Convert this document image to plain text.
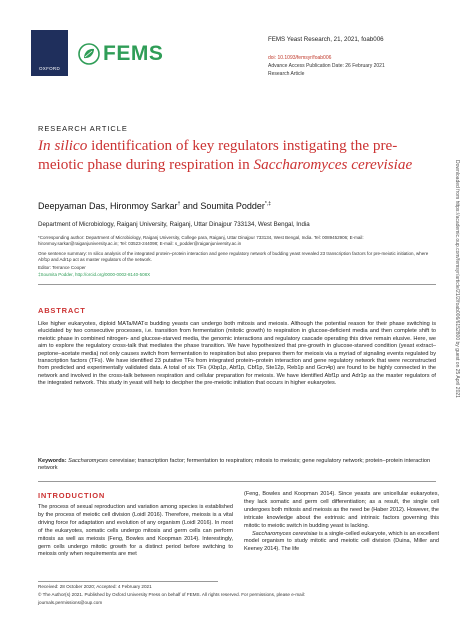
OXFORD
FEMS
FEMS Yeast Research, 21, 2021, foab006
doi: 10.1093/femsyr/foab006
Advance Access Publication Date: 26 February 2021
Research Article
RESEARCH ARTICLE
In silico identification of key regulators instigating the pre-meiotic phase during respiration in Saccharomyces cerevisiae
Deepyaman Das, Hironmoy Sarkar† and Soumita Podder*,‡
Department of Microbiology, Raiganj University, Raiganj, Uttar Dinajpur 733134, West Bengal, India
*Corresponding author: Department of Microbiology, Raiganj University, College para, Raiganj, Uttar Dinajpur 733134, West Bengal, India. Tel: 0089452906; E-mail: hironmoy.sarkar@raiganjuniversity.ac.in; Tel: 03523-244098; E-mail: s_podder@raiganjuniversity.ac.in
One sentence summary: In silico analysis of the integrated protein–protein interaction and gene regulatory network of budding yeast revealed 23 transcription factors for pre-meiotic initiation, where Abf1p and Adr1p act as master regulators of the network.
Editor: Terrance Cooper
‡Soumita Podder, http://orcid.org/0000-0002-8140-508X
ABSTRACT
Like higher eukaryotes, diploid MATa/MATα budding yeasts can undergo both mitosis and meiosis. Although the potential reason for their phase switching is elucidated by two consecutive processes, i.e. transition from fermentation (mitotic growth) to respiration in glucose-deficient media and then complete shift to meiotic phase in combined nitrogen- and glucose-starved media, the genomic interactions and regulatory cascade operating this drive remain elusive. Here, we aim to explore the regulatory cross-talk that mediates the phase transition. We have hypothesized that pre-growth in glucose-starved condition (yeast extract–peptone–acetate media) not only causes switch from fermentation to respiration but also prepares them for meiosis via a myriad of signaling events regulated by transcription factors (TFs). We have identified 23 putative TFs from integrated protein–protein interaction and gene regulatory network that were reconstructed from predicted and experimentally validated data. A total of six TFs (Xbp1p, Abf1p, Cbf1p, Ste12p, Reb1p and Gcn4p) are found to be highly connected in the network and involved in the cross-talk between respiration and cellular preparation for meiosis. We have identified Abf1p and Adr1p as the master regulators of the integrated network. This study in yeast will help to decipher the pre-meiotic initiation that occurs in higher eukaryotes.
Keywords: Saccharomyces cerevisiae; transcription factor; fermentation to respiration; mitosis to meiosis; gene regulatory network; protein–protein interaction network
INTRODUCTION
The process of sexual reproduction and variation among species is established by the process of meiotic cell division (Loidl 2016). Therefore, meiosis is a vital driving force for adaptation and evolution of any organism (Loidl 2016). In most of the eukaryotes, somatic cells undergo mitosis and germ cells can perform mitosis as well as meiosis (Feng, Bowles and Koopman 2014). Interestingly, germ cells undergo mitotic growth for a distinct period before switching to meiosis only when requirements are met
(Feng, Bowles and Koopman 2014). Since yeasts are unicellular eukaryotes, they lack somatic and germ cell differentiation; as a result, the single cell undergoes both mitosis and meiosis as the need be (Haber 2012). However, the intricate knowledge about the extrinsic and intrinsic factors governing this mitotic to meiotic switch in budding yeast is lacking.
Saccharomyces cerevisiae is a single-celled eukaryote, which is an excellent model organism to study mitotic and meiotic cell division (Duina, Miller and Keeney 2014). The life
Received: 28 October 2020; Accepted: 4 February 2021
© The Author(s) 2021. Published by Oxford University Press on behalf of FEMS. All rights reserved. For permissions, please e-mail:
journals.permissions@oup.com
Downloaded from https://academic.oup.com/femsyr/article/21/2/foab006/6152800 by guest on 25 April 2021
